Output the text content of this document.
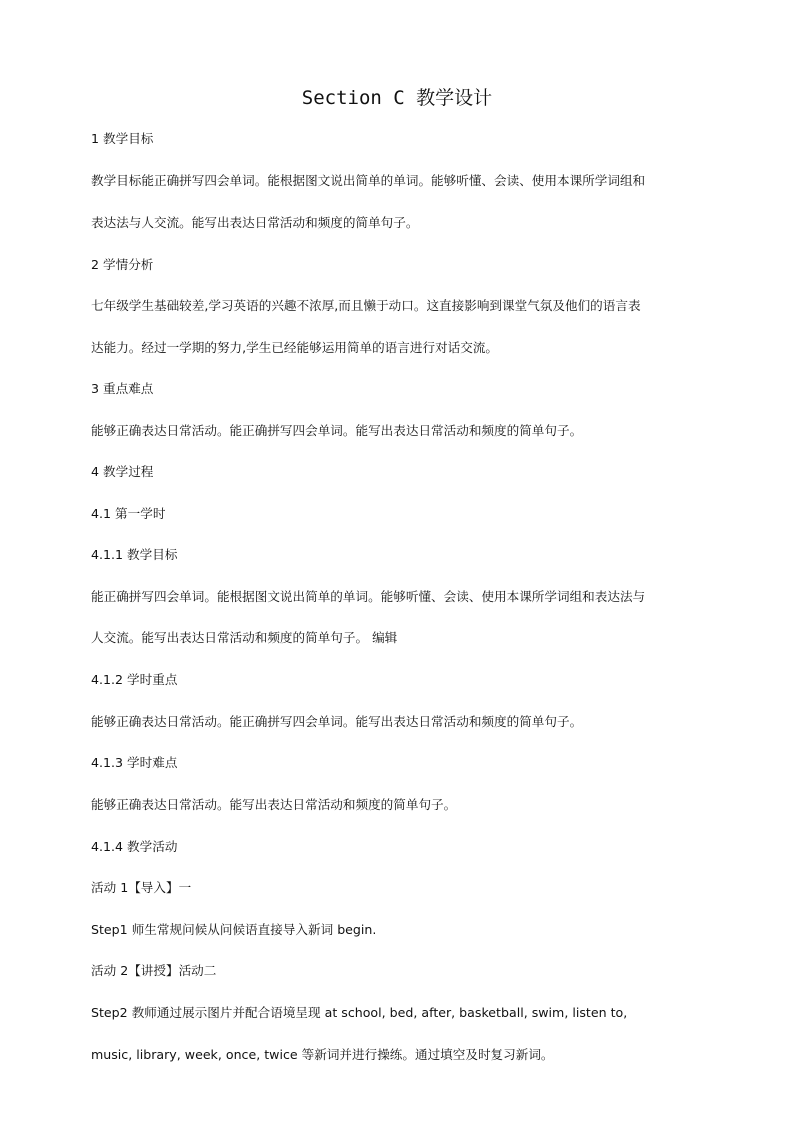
Section C 教学设计

1 教学目标

教学目标能正确拼写四会单词。能根据图文说出简单的单词。能够听懂、会读、使用本课所学词组和

表达法与人交流。能写出表达日常活动和频度的简单句子。

2 学情分析

七年级学生基础较差,学习英语的兴趣不浓厚,而且懒于动口。这直接影响到课堂气氛及他们的语言表

达能力。经过一学期的努力,学生已经能够运用简单的语言进行对话交流。

3 重点难点

能够正确表达日常活动。能正确拼写四会单词。能写出表达日常活动和频度的简单句子。

4 教学过程

4.1 第一学时

4.1.1 教学目标

能正确拼写四会单词。能根据图文说出简单的单词。能够听懂、会读、使用本课所学词组和表达法与

人交流。能写出表达日常活动和频度的简单句子。 编辑

4.1.2 学时重点

能够正确表达日常活动。能正确拼写四会单词。能写出表达日常活动和频度的简单句子。

4.1.3 学时难点

能够正确表达日常活动。能写出表达日常活动和频度的简单句子。

4.1.4 教学活动

活动 1【导入】一

Step1 师生常规问候从问候语直接导入新词 begin.

活动 2【讲授】活动二

Step2 教师通过展示图片并配合语境呈现 at school, bed, after, basketball, swim, listen to,

music, library, week, once, twice 等新词并进行操练。通过填空及时复习新词。
